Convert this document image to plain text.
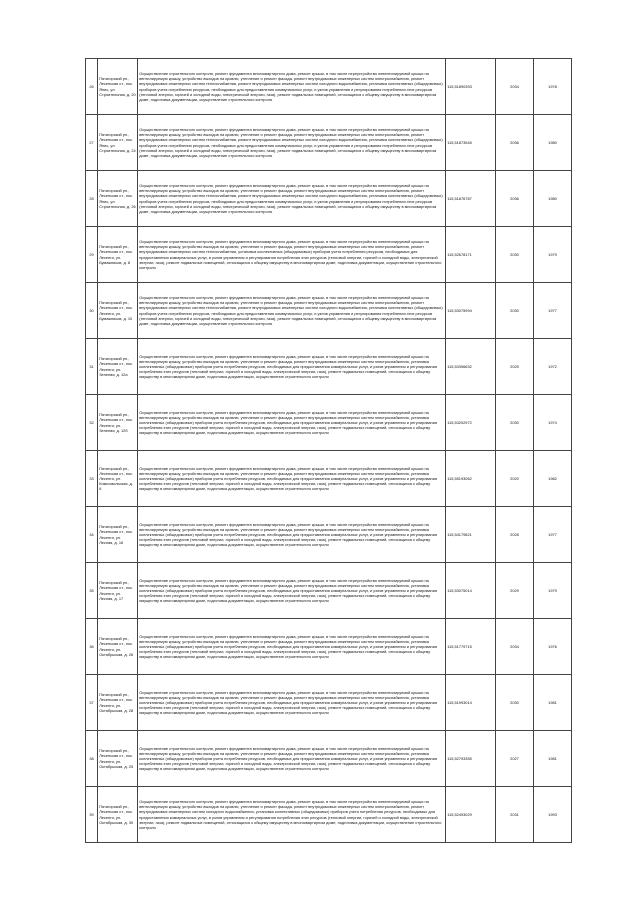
26	Пятигорский рн., Лесенская ст., пос. Янис, ул. Строительная, д. 20	Осуществление строительного контроля, ремонт фундамента многоквартирного дома, ремонт крыши, в том числе переустройство невентилируемой крыши на вентилируемую крышу, устройство выходов на кровлю, утепление и ремонт фасада, ремонт внутридомовых инженерных систем электроснабжения, ремонт внутридомовых инженерных систем теплоснабжения, ремонт внутридомовых инженерных систем холодного водоснабжения, установка коллективных (общедомовых) приборов учета потребления ресурсов, необходимых для предоставления коммунальных услуг, и узлов управления и регулирования потребления этих ресурсов (тепловой энергии, горячей и холодной воды, электрической энергии, газа), ремонт подвальных помещений, относящихся к общему имуществу в многоквартирном доме, подготовка документации, осуществление строительного контроля	115,51890393	2034	1978
27	Пятигорский рн., Лесенская ст., пос. Янис, ул. Строительная, д. 24	Осуществление строительного контроля, ремонт фундамента многоквартирного дома, ремонт крыши, в том числе переустройство невентилируемой крыши на вентилируемую крышу, устройство выходов на кровлю, утепление и ремонт фасада, ремонт внутридомовых инженерных систем электроснабжения, ремонт внутридомовых инженерных систем теплоснабжения, ремонт внутридомовых инженерных систем холодного водоснабжения, установка коллективных (общедомовых) приборов учета потребления ресурсов, необходимых для предоставления коммунальных услуг, и узлов управления и регулирования потребления этих ресурсов (тепловой энергии, горячей и холодной воды, электрической энергии, газа), ремонт подвальных помещений, относящихся к общему имуществу в многоквартирном доме, подготовка документации, осуществление строительного контроля	115,51873545	2036	1980
28	Пятигорский рн., Лесенская ст., пос. Янис, ул. Строительная, д. 26	Осуществление строительного контроля, ремонт фундамента многоквартирного дома, ремонт крыши, в том числе переустройство невентилируемой крыши на вентилируемую крышу, устройство выходов на кровлю, утепление и ремонт фасада, ремонт внутридомовых инженерных систем электроснабжения, ремонт внутридомовых инженерных систем теплоснабжения, ремонт внутридомовых инженерных систем холодного водоснабжения, установка коллективных (общедомовых) приборов учета потребления ресурсов, необходимых для предоставления коммунальных услуг, и узлов управления и регулирования потребления этих ресурсов (тепловой энергии, горячей и холодной воды, электрической энергии, газа), ремонт подвальных помещений, относящихся к общему имуществу в многоквартирном доме, подготовка документации, осуществление строительного контроля	115,51876787	2036	1980
29	Пятигорский рн., Лесенская ст., пос. Лесенги, ул. Бумажников, д. 8	Осуществление строительного контроля, ремонт фундамента многоквартирного дома, ремонт крыши, в том числе переустройство невентилируемой крыши на вентилируемую крышу, устройство выходов на кровлю, утепление и ремонт фасада, ремонт внутридомовых инженерных систем электроснабжения, ремонт внутридомовых инженерных систем теплоснабжения, установка коллективных (общедомовых) приборов учета потребления ресурсов, необходимых для предоставления коммунальных услуг, и узлов управления и регулирования потребления этих ресурсов (тепловой энергии, горячей и холодной воды, электрической энергии, газа), ремонт подвальных помещений, относящихся к общему имуществу в многоквартирном доме, подготовка документации, осуществление строительного контроля	115,52678171	2030	1979
30	Пятигорский рн., Лесенская ст., пос. Лесенги, ул. Бумажников, д. 10	Осуществление строительного контроля, ремонт фундамента многоквартирного дома, ремонт крыши, в том числе переустройство невентилируемой крыши на вентилируемую крышу, устройство выходов на кровлю, утепление и ремонт фасада, ремонт внутридомовых инженерных систем электроснабжения, ремонт внутридомовых инженерных систем теплоснабжения, ремонт внутридомовых инженерных систем холодного водоснабжения, установка коллективных (общедомовых) приборов учета потребления ресурсов, необходимых для предоставления коммунальных услуг, и узлов управления и регулирования потребления этих ресурсов (тепловой энергии, горячей и холодной воды, электрической энергии, газа), ремонт подвальных помещений, относящихся к общему имуществу в многоквартирном доме, подготовка документации, осуществление строительного контроля	115,53075994	2030	1977
31	Пятигорский рн., Лесенская ст., пос. Лесенги, ул. Зеленая, д. 12а	Осуществление строительного контроля, ремонт фундамента многоквартирного дома, ремонт крыши, в том числе переустройство невентилируемой крыши на вентилируемую крышу, устройство выходов на кровлю, утепление и ремонт фасада, ремонт внутридомовых инженерных систем электроснабжения, установка коллективных (общедомовых) приборов учета потребления ресурсов, необходимых для предоставления коммунальных услуг, и узлов управления и регулирования потребления этих ресурсов (тепловой энергии, горячей и холодной воды, электрической энергии, газа), ремонт подвальных помещений, относящихся к общему имуществу в многоквартирном доме, подготовка документации, осуществление строительного контроля	115,53396632	2025	1972
32	Пятигорский рн., Лесенская ст., пос. Лесенги, ул. Зеленая, д. 12б	Осуществление строительного контроля, ремонт фундамента многоквартирного дома, ремонт крыши, в том числе переустройство невентилируемой крыши на вентилируемую крышу, устройство выходов на кровлю, утепление и ремонт фасада, ремонт внутридомовых инженерных систем электроснабжения, установка коллективных (общедомовых) приборов учета потребления ресурсов, необходимых для предоставления коммунальных услуг, и узлов управления и регулирования потребления этих ресурсов (тепловой энергии, горячей и холодной воды, электрической энергии, газа), ремонт подвальных помещений, относящихся к общему имуществу в многоквартирном доме, подготовка документации, осуществление строительного контроля	115,53202972	2030	1974
33	Пятигорский рн., Лесенская ст., пос. Лесенги, ул. Комсомольская, д. 6	Осуществление строительного контроля, ремонт фундамента многоквартирного дома, ремонт крыши, в том числе переустройство невентилируемой крыши на вентилируемую крышу, устройство выходов на кровлю, утепление и ремонт фасада, ремонт внутридомовых инженерных систем электроснабжения, установка коллективных (общедомовых) приборов учета потребления ресурсов, необходимых для предоставления коммунальных услуг, и узлов управления и регулирования потребления этих ресурсов (тепловой энергии, горячей и холодной воды, электрической энергии, газа), ремонт подвальных помещений, относящихся к общему имуществу в многоквартирном доме, подготовка документации, осуществление строительного контроля	115,55193062	2020	1982
34	Пятигорский рн., Лесенская ст., пос. Лесенги, ул. Лесная, д. 16	Осуществление строительного контроля, ремонт фундамента многоквартирного дома, ремонт крыши, в том числе переустройство невентилируемой крыши на вентилируемую крышу, устройство выходов на кровлю, утепление и ремонт фасада, ремонт внутридомовых инженерных систем электроснабжения, установка коллективных (общедомовых) приборов учета потребления ресурсов, необходимых для предоставления коммунальных услуг, и узлов управления и регулирования потребления этих ресурсов (тепловой энергии, горячей и холодной воды, электрической энергии, газа), ремонт подвальных помещений, относящихся к общему имуществу в многоквартирном доме, подготовка документации, осуществление строительного контроля	115,54179821	2028	1977
35	Пятигорский рн., Лесенская ст., пос. Лесенги, ул. Лесная, д. 17	Осуществление строительного контроля, ремонт фундамента многоквартирного дома, ремонт крыши, в том числе переустройство невентилируемой крыши на вентилируемую крышу, устройство выходов на кровлю, утепление и ремонт фасада, ремонт внутридомовых инженерных систем электроснабжения, установка коллективных (общедомовых) приборов учета потребления ресурсов, необходимых для предоставления коммунальных услуг, и узлов управления и регулирования потребления этих ресурсов (тепловой энергии, горячей и холодной воды, электрической энергии, газа), ремонт подвальных помещений, относящихся к общему имуществу в многоквартирном доме, подготовка документации, осуществление строительного контроля	115,53075014	2029	1979
36	Пятигорский рн., Лесенская ст., пос. Лесенги, ул. Октябрьская, д. 26	Осуществление строительного контроля, ремонт фундамента многоквартирного дома, ремонт крыши, в том числе переустройство невентилируемой крыши на вентилируемую крышу, устройство выходов на кровлю, утепление и ремонт фасада, ремонт внутридомовых инженерных систем электроснабжения, установка коллективных (общедомовых) приборов учета потребления ресурсов, необходимых для предоставления коммунальных услуг, и узлов управления и регулирования потребления этих ресурсов (тепловой энергии, горячей и холодной воды, электрической энергии, газа), ремонт подвальных помещений, относящихся к общему имуществу в многоквартирном доме, подготовка документации, осуществление строительного контроля	115,51779715	2034	1976
37	Пятигорский рн., Лесенская ст., пос. Лесенги, ул. Октябрьская, д. 28	Осуществление строительного контроля, ремонт фундамента многоквартирного дома, ремонт крыши, в том числе переустройство невентилируемой крыши на вентилируемую крышу, устройство выходов на кровлю, утепление и ремонт фасада, ремонт внутридомовых инженерных систем электроснабжения, установка коллективных (общедомовых) приборов учета потребления ресурсов, необходимых для предоставления коммунальных услуг, и узлов управления и регулирования потребления этих ресурсов (тепловой энергии, горячей и холодной воды, электрической энергии, газа), ремонт подвальных помещений, относящихся к общему имуществу в многоквартирном доме, подготовка документации, осуществление строительного контроля	115,51993014	2030	1981
38	Пятигорский рн., Лесенская ст., пос. Лесенги, ул. Октябрьская, д. 25	Осуществление строительного контроля, ремонт фундамента многоквартирного дома, ремонт крыши, в том числе переустройство невентилируемой крыши на вентилируемую крышу, устройство выходов на кровлю, утепление и ремонт фасада, ремонт внутридомовых инженерных систем электроснабжения, установка коллективных (общедомовых) приборов учета потребления ресурсов, необходимых для предоставления коммунальных услуг, и узлов управления и регулирования потребления этих ресурсов (тепловой энергии, горячей и холодной воды, электрической энергии, газа), ремонт подвальных помещений, относящихся к общему имуществу в многоквартирном доме, подготовка документации, осуществление строительного контроля	115,52793355	2027	1981
39	Пятигорский рн., Лесенская ст., пос. Лесенги, ул. Октябрьская, д. 30	Осуществление строительного контроля, ремонт фундамента многоквартирного дома, ремонт крыши, в том числе переустройство невентилируемой крыши на вентилируемую крышу, устройство выходов на кровлю, утепление и ремонт фасада, ремонт внутридомовых инженерных систем электроснабжения, ремонт внутридомовых инженерных систем холодного водоснабжения, установка коллективных (общедомовых) приборов учета потребления ресурсов, необходимых для предоставления коммунальных услуг, и узлов управления и регулирования потребления этих ресурсов (тепловой энергии, горячей и холодной воды, электрической энергии, газа), ремонт подвальных помещений, относящихся к общему имуществу в многоквартирном доме, подготовка документации, осуществление строительного контроля	115,52493029	2031	1993
